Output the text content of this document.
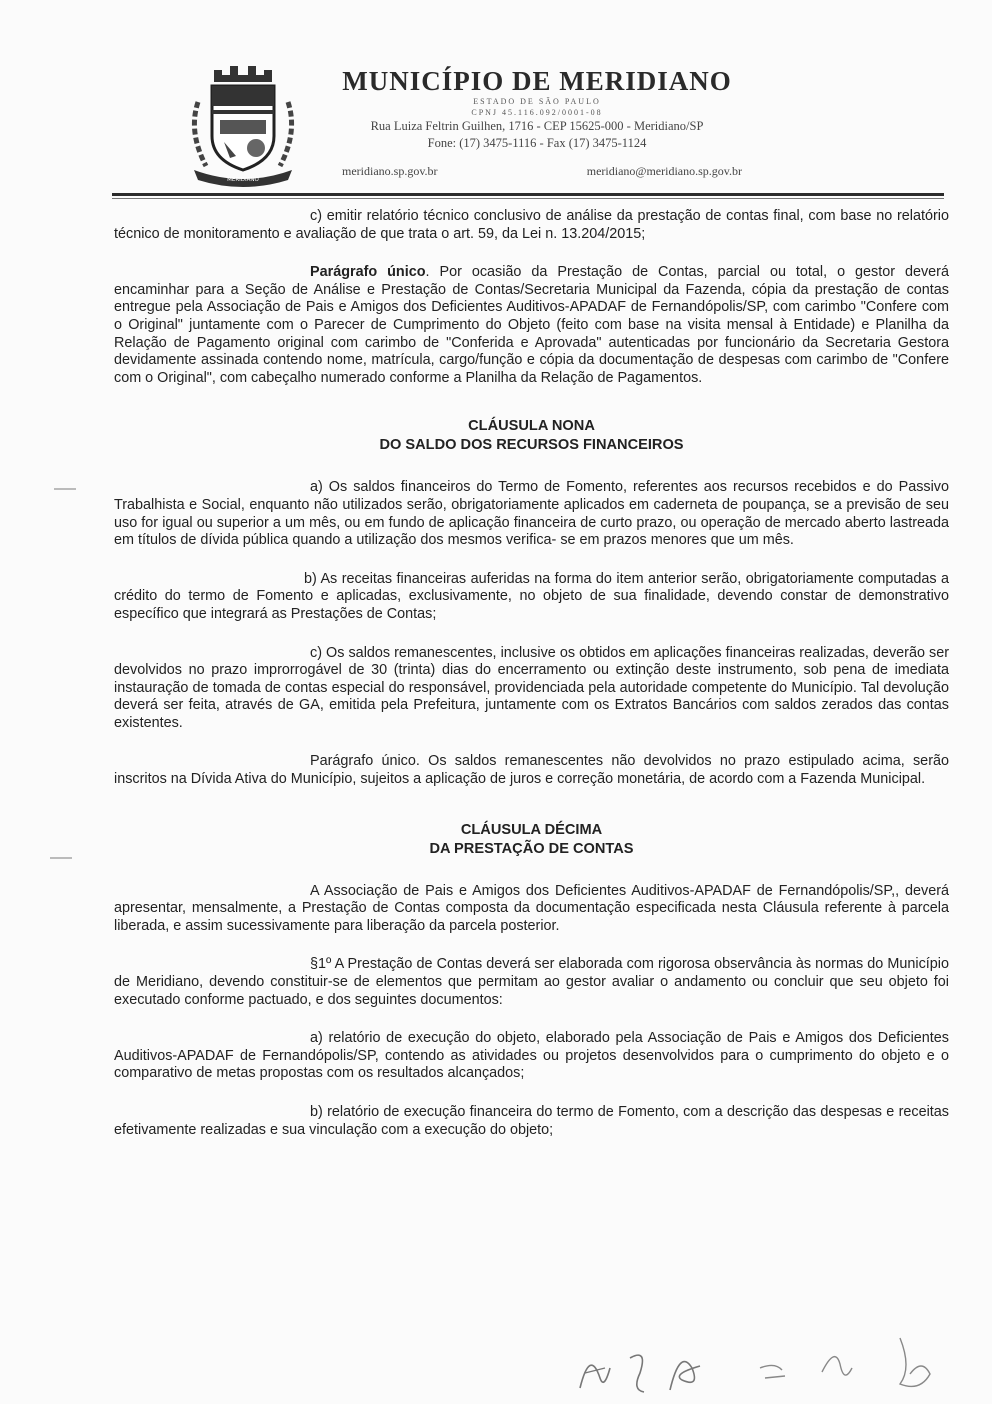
MERIDIANO
MUNICÍPIO DE MERIDIANO
ESTADO DE SÃO PAULO
CPNJ 45.116.092/0001-08
Rua Luiza Feltrin Guilhen, 1716 - CEP 15625-000 - Meridiano/SP
Fone: (17) 3475-1116 - Fax (17) 3475-1124
meridiano.sp.gov.br	meridiano@meridiano.sp.gov.br

c) emitir relatório técnico conclusivo de análise da prestação de contas final, com base no relatório técnico de monitoramento e avaliação de que trata o art. 59, da Lei n. 13.204/2015;

Parágrafo único. Por ocasião da Prestação de Contas, parcial ou total, o gestor deverá encaminhar para a Seção de Análise e Prestação de Contas/Secretaria Municipal da Fazenda, cópia da prestação de contas entregue pela Associação de Pais e Amigos dos Deficientes Auditivos-APADAF de Fernandópolis/SP, com carimbo "Confere com o Original" juntamente com o Parecer de Cumprimento do Objeto (feito com base na visita mensal à Entidade) e Planilha da Relação de Pagamento original com carimbo de "Conferida e Aprovada" autenticadas por funcionário da Secretaria Gestora devidamente assinada contendo nome, matrícula, cargo/função e cópia da documentação de despesas com carimbo de "Confere com o Original", com cabeçalho numerado conforme a Planilha da Relação de Pagamentos.

CLÁUSULA NONA
DO SALDO DOS RECURSOS FINANCEIROS

a) Os saldos financeiros do Termo de Fomento, referentes aos recursos recebidos e do Passivo Trabalhista e Social, enquanto não utilizados serão, obrigatoriamente aplicados em caderneta de poupança, se a previsão de seu uso for igual ou superior a um mês, ou em fundo de aplicação financeira de curto prazo, ou operação de mercado aberto lastreada em títulos de dívida pública quando a utilização dos mesmos verifica- se em prazos menores que um mês.

b) As receitas financeiras auferidas na forma do item anterior serão, obrigatoriamente computadas a crédito do termo de Fomento e aplicadas, exclusivamente, no objeto de sua finalidade, devendo constar de demonstrativo específico que integrará as Prestações de Contas;

c) Os saldos remanescentes, inclusive os obtidos em aplicações financeiras realizadas, deverão ser devolvidos no prazo improrrogável de 30 (trinta) dias do encerramento ou extinção deste instrumento, sob pena de imediata instauração de tomada de contas especial do responsável, providenciada pela autoridade competente do Município. Tal devolução deverá ser feita, através de GA, emitida pela Prefeitura, juntamente com os Extratos Bancários com saldos zerados das contas existentes.

Parágrafo único. Os saldos remanescentes não devolvidos no prazo estipulado acima, serão inscritos na Dívida Ativa do Município, sujeitos a aplicação de juros e correção monetária, de acordo com a Fazenda Municipal.

CLÁUSULA DÉCIMA
DA PRESTAÇÃO DE CONTAS

A Associação de Pais e Amigos dos Deficientes Auditivos-APADAF de Fernandópolis/SP,, deverá apresentar, mensalmente, a Prestação de Contas composta da documentação especificada nesta Cláusula referente à parcela liberada, e assim sucessivamente para liberação da parcela posterior.

§1º A Prestação de Contas deverá ser elaborada com rigorosa observância às normas do Município de Meridiano, devendo constituir-se de elementos que permitam ao gestor avaliar o andamento ou concluir que seu objeto foi executado conforme pactuado, e dos seguintes documentos:

a) relatório de execução do objeto, elaborado pela Associação de Pais e Amigos dos Deficientes Auditivos-APADAF de Fernandópolis/SP, contendo as atividades ou projetos desenvolvidos para o cumprimento do objeto e o comparativo de metas propostas com os resultados alcançados;

b) relatório de execução financeira do termo de Fomento, com a descrição das despesas e receitas efetivamente realizadas e sua vinculação com a execução do objeto;
